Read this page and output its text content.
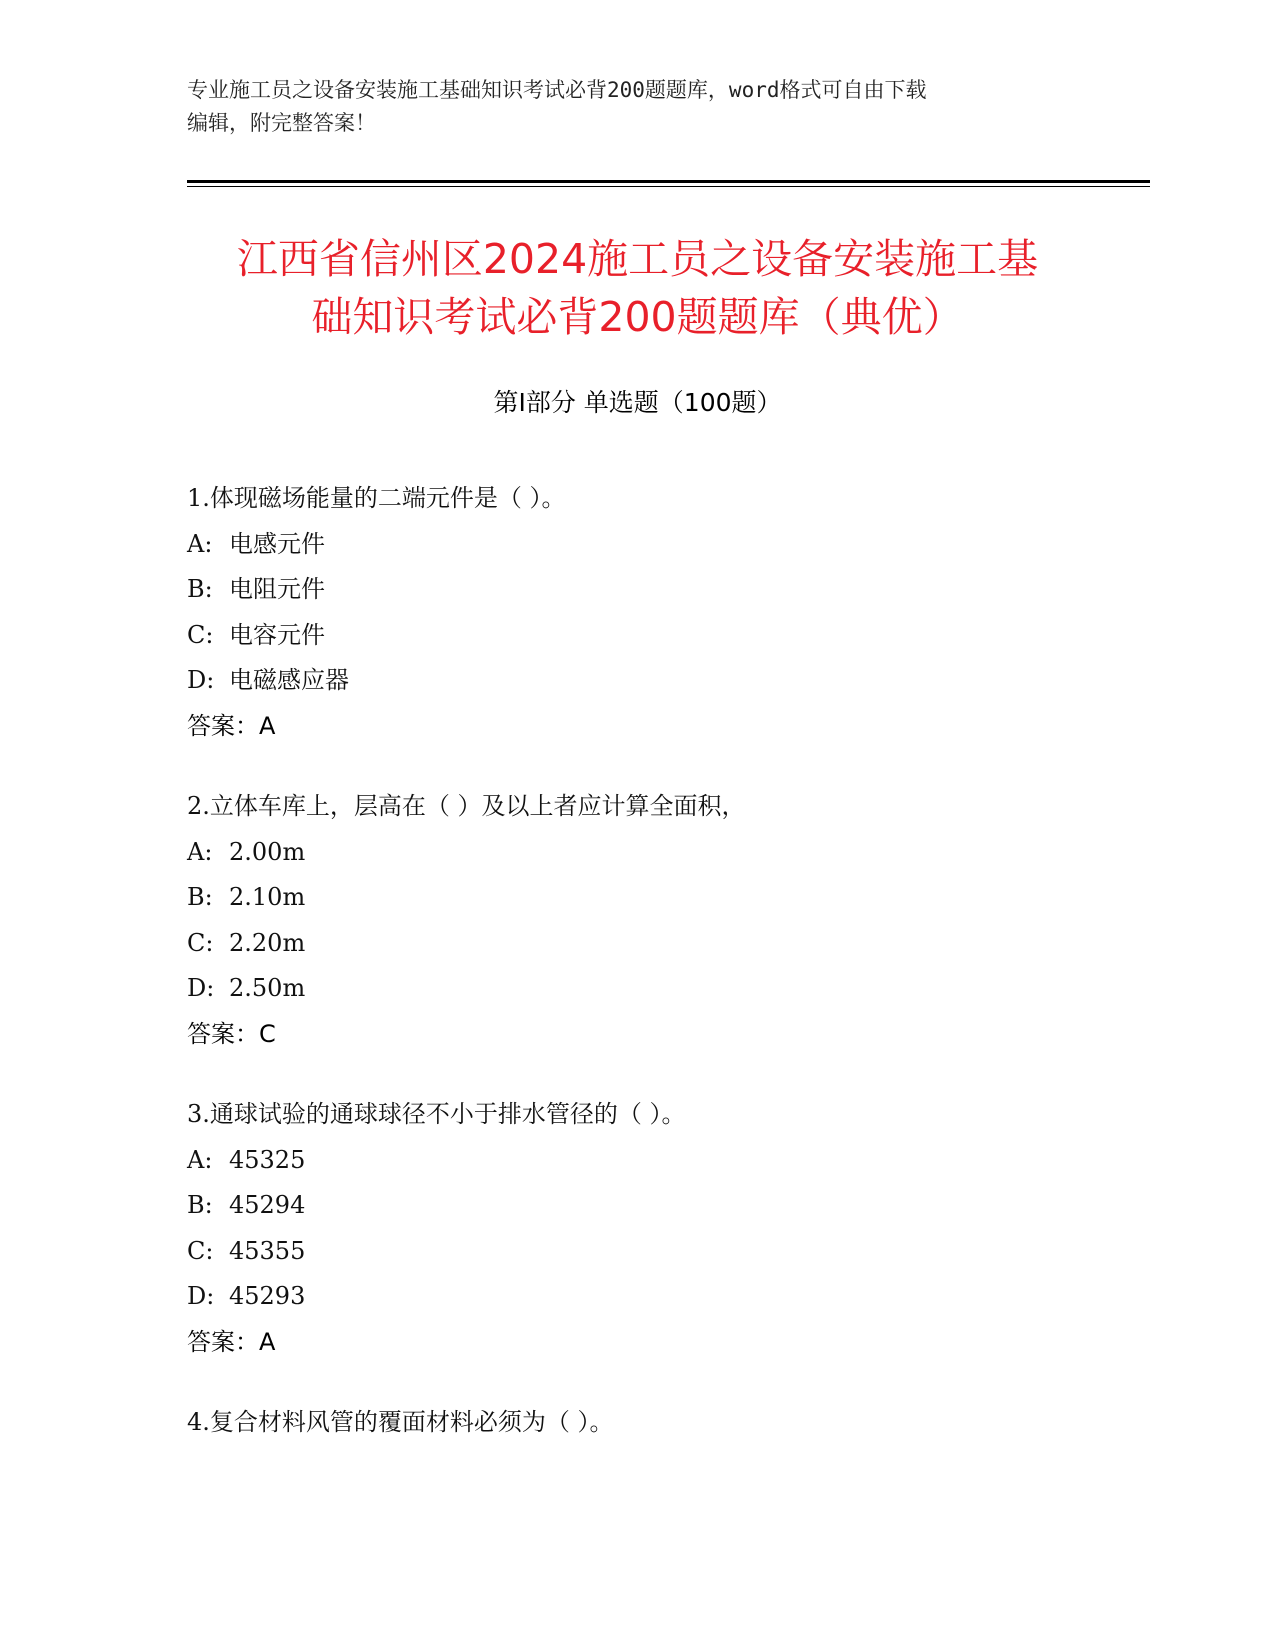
专业施工员之设备安装施工基础知识考试必背200题题库，word格式可自由下载
编辑，附完整答案！
江西省信州区2024施工员之设备安装施工基
础知识考试必背200题题库（典优）
第Ⅰ部分 单选题（100题）
1.体现磁场能量的二端元件是（ ）。
A: 电感元件
B: 电阻元件
C: 电容元件
D: 电磁感应器
答案：A
2.立体车库上，层高在（ ）及以上者应计算全面积，
A: 2.00m
B: 2.10m
C: 2.20m
D: 2.50m
答案：C
3.通球试验的通球球径不小于排水管径的（ ）。
A: 45325
B: 45294
C: 45355
D: 45293
答案：A
4.复合材料风管的覆面材料必须为（ ）。
